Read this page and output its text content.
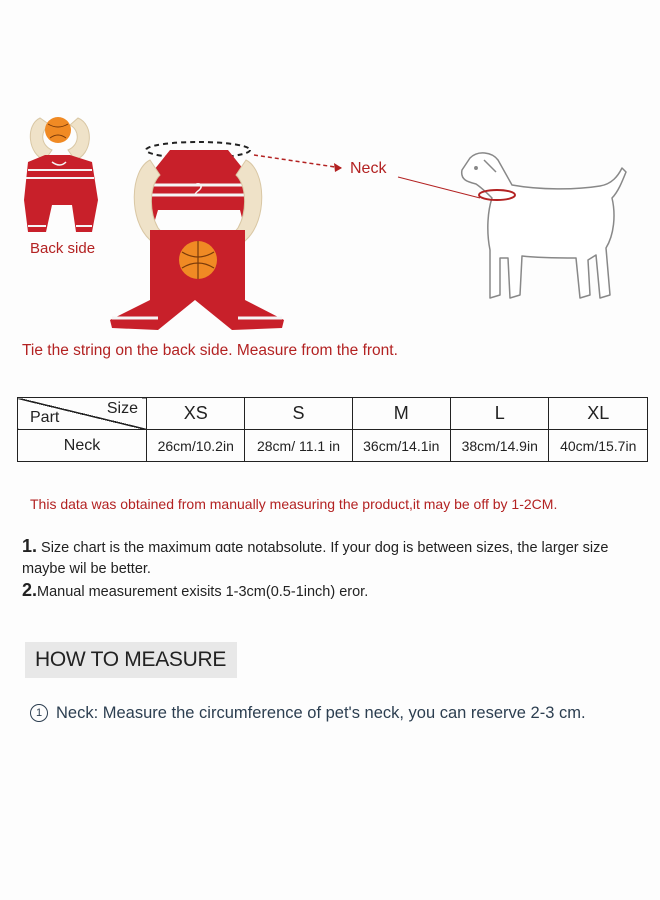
2
Back side
Neck
Tie the string on the back side. Measure from the front.
Size
Part	XS	S	M	L	XL
Neck	26cm/10.2in	28cm/ 11.1 in	36cm/14.1in	38cm/14.9in	40cm/15.7in
This data was obtained from manually measuring the product,it may be off by 1-2CM.
1. Size chart is the maximum ɑɑte notabsolute. If your dog is between sizes, the larger size maybe wil be better.
2.Manual measurement exisits 1-3cm(0.5-1inch) eror.
HOW TO MEASURE
1 Neck: Measure the circumference of pet's neck, you can reserve 2-3 cm.
